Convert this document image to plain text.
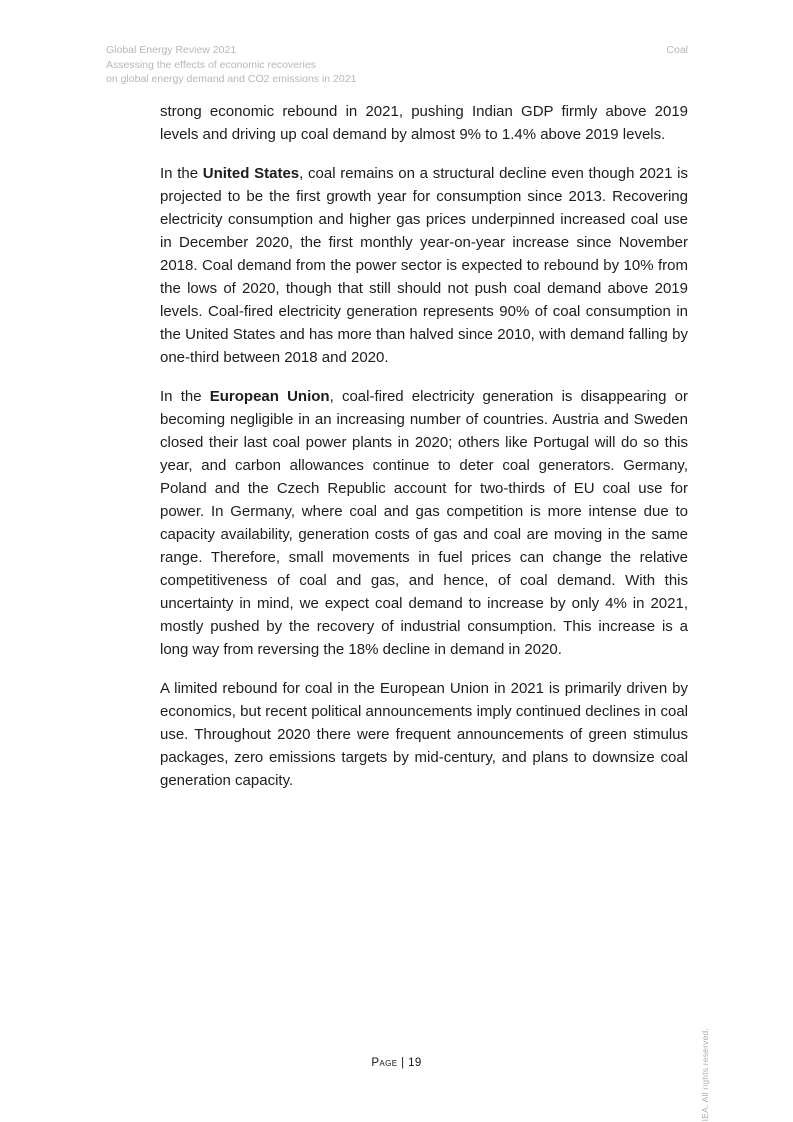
Global Energy Review 2021
Assessing the effects of economic recoveries
on global energy demand and CO2 emissions in 2021
Coal

strong economic rebound in 2021, pushing Indian GDP firmly above 2019 levels and driving up coal demand by almost 9% to 1.4% above 2019 levels.

In the United States, coal remains on a structural decline even though 2021 is projected to be the first growth year for consumption since 2013. Recovering electricity consumption and higher gas prices underpinned increased coal use in December 2020, the first monthly year-on-year increase since November 2018. Coal demand from the power sector is expected to rebound by 10% from the lows of 2020, though that still should not push coal demand above 2019 levels. Coal-fired electricity generation represents 90% of coal consumption in the United States and has more than halved since 2010, with demand falling by one-third between 2018 and 2020.

In the European Union, coal-fired electricity generation is disappearing or becoming negligible in an increasing number of countries. Austria and Sweden closed their last coal power plants in 2020; others like Portugal will do so this year, and carbon allowances continue to deter coal generators. Germany, Poland and the Czech Republic account for two-thirds of EU coal use for power. In Germany, where coal and gas competition is more intense due to capacity availability, generation costs of gas and coal are moving in the same range. Therefore, small movements in fuel prices can change the relative competitiveness of coal and gas, and hence, of coal demand. With this uncertainty in mind, we expect coal demand to increase by only 4% in 2021, mostly pushed by the recovery of industrial consumption. This increase is a long way from reversing the 18% decline in demand in 2020.

A limited rebound for coal in the European Union in 2021 is primarily driven by economics, but recent political announcements imply continued declines in coal use. Throughout 2020 there were frequent announcements of green stimulus packages, zero emissions targets by mid-century, and plans to downsize coal generation capacity.

Page | 19	IEA. All rights reserved.
